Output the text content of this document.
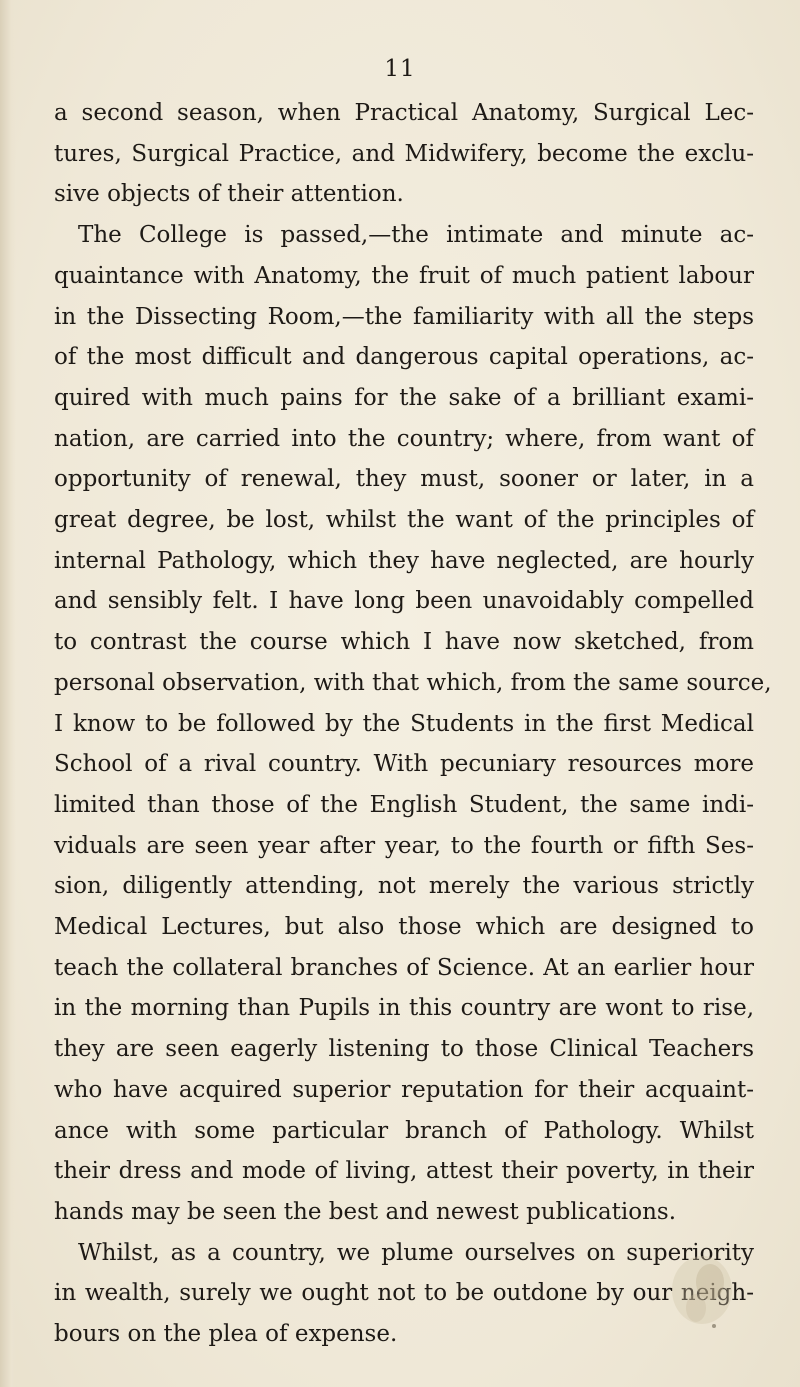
11

a second season, when Practical Anatomy, Surgical Lec-
tures, Surgical Practice, and Midwifery, become the exclu-
sive objects of their attention.

The College is passed,—the intimate and minute ac-
quaintance with Anatomy, the fruit of much patient labour
in the Dissecting Room,—the familiarity with all the steps
of the most difficult and dangerous capital operations, ac-
quired with much pains for the sake of a brilliant exami-
nation, are carried into the country; where, from want of
opportunity of renewal, they must, sooner or later, in a
great degree, be lost, whilst the want of the principles of
internal Pathology, which they have neglected, are hourly
and sensibly felt. I have long been unavoidably compelled
to contrast the course which I have now sketched, from
personal observation, with that which, from the same source,
I know to be followed by the Students in the first Medical
School of a rival country. With pecuniary resources more
limited than those of the English Student, the same indi-
viduals are seen year after year, to the fourth or fifth Ses-
sion, diligently attending, not merely the various strictly
Medical Lectures, but also those which are designed to
teach the collateral branches of Science. At an earlier hour
in the morning than Pupils in this country are wont to rise,
they are seen eagerly listening to those Clinical Teachers
who have acquired superior reputation for their acquaint-
ance with some particular branch of Pathology. Whilst
their dress and mode of living, attest their poverty, in their
hands may be seen the best and newest publications.

Whilst, as a country, we plume ourselves on superiority
in wealth, surely we ought not to be outdone by our neigh-
bours on the plea of expense.
